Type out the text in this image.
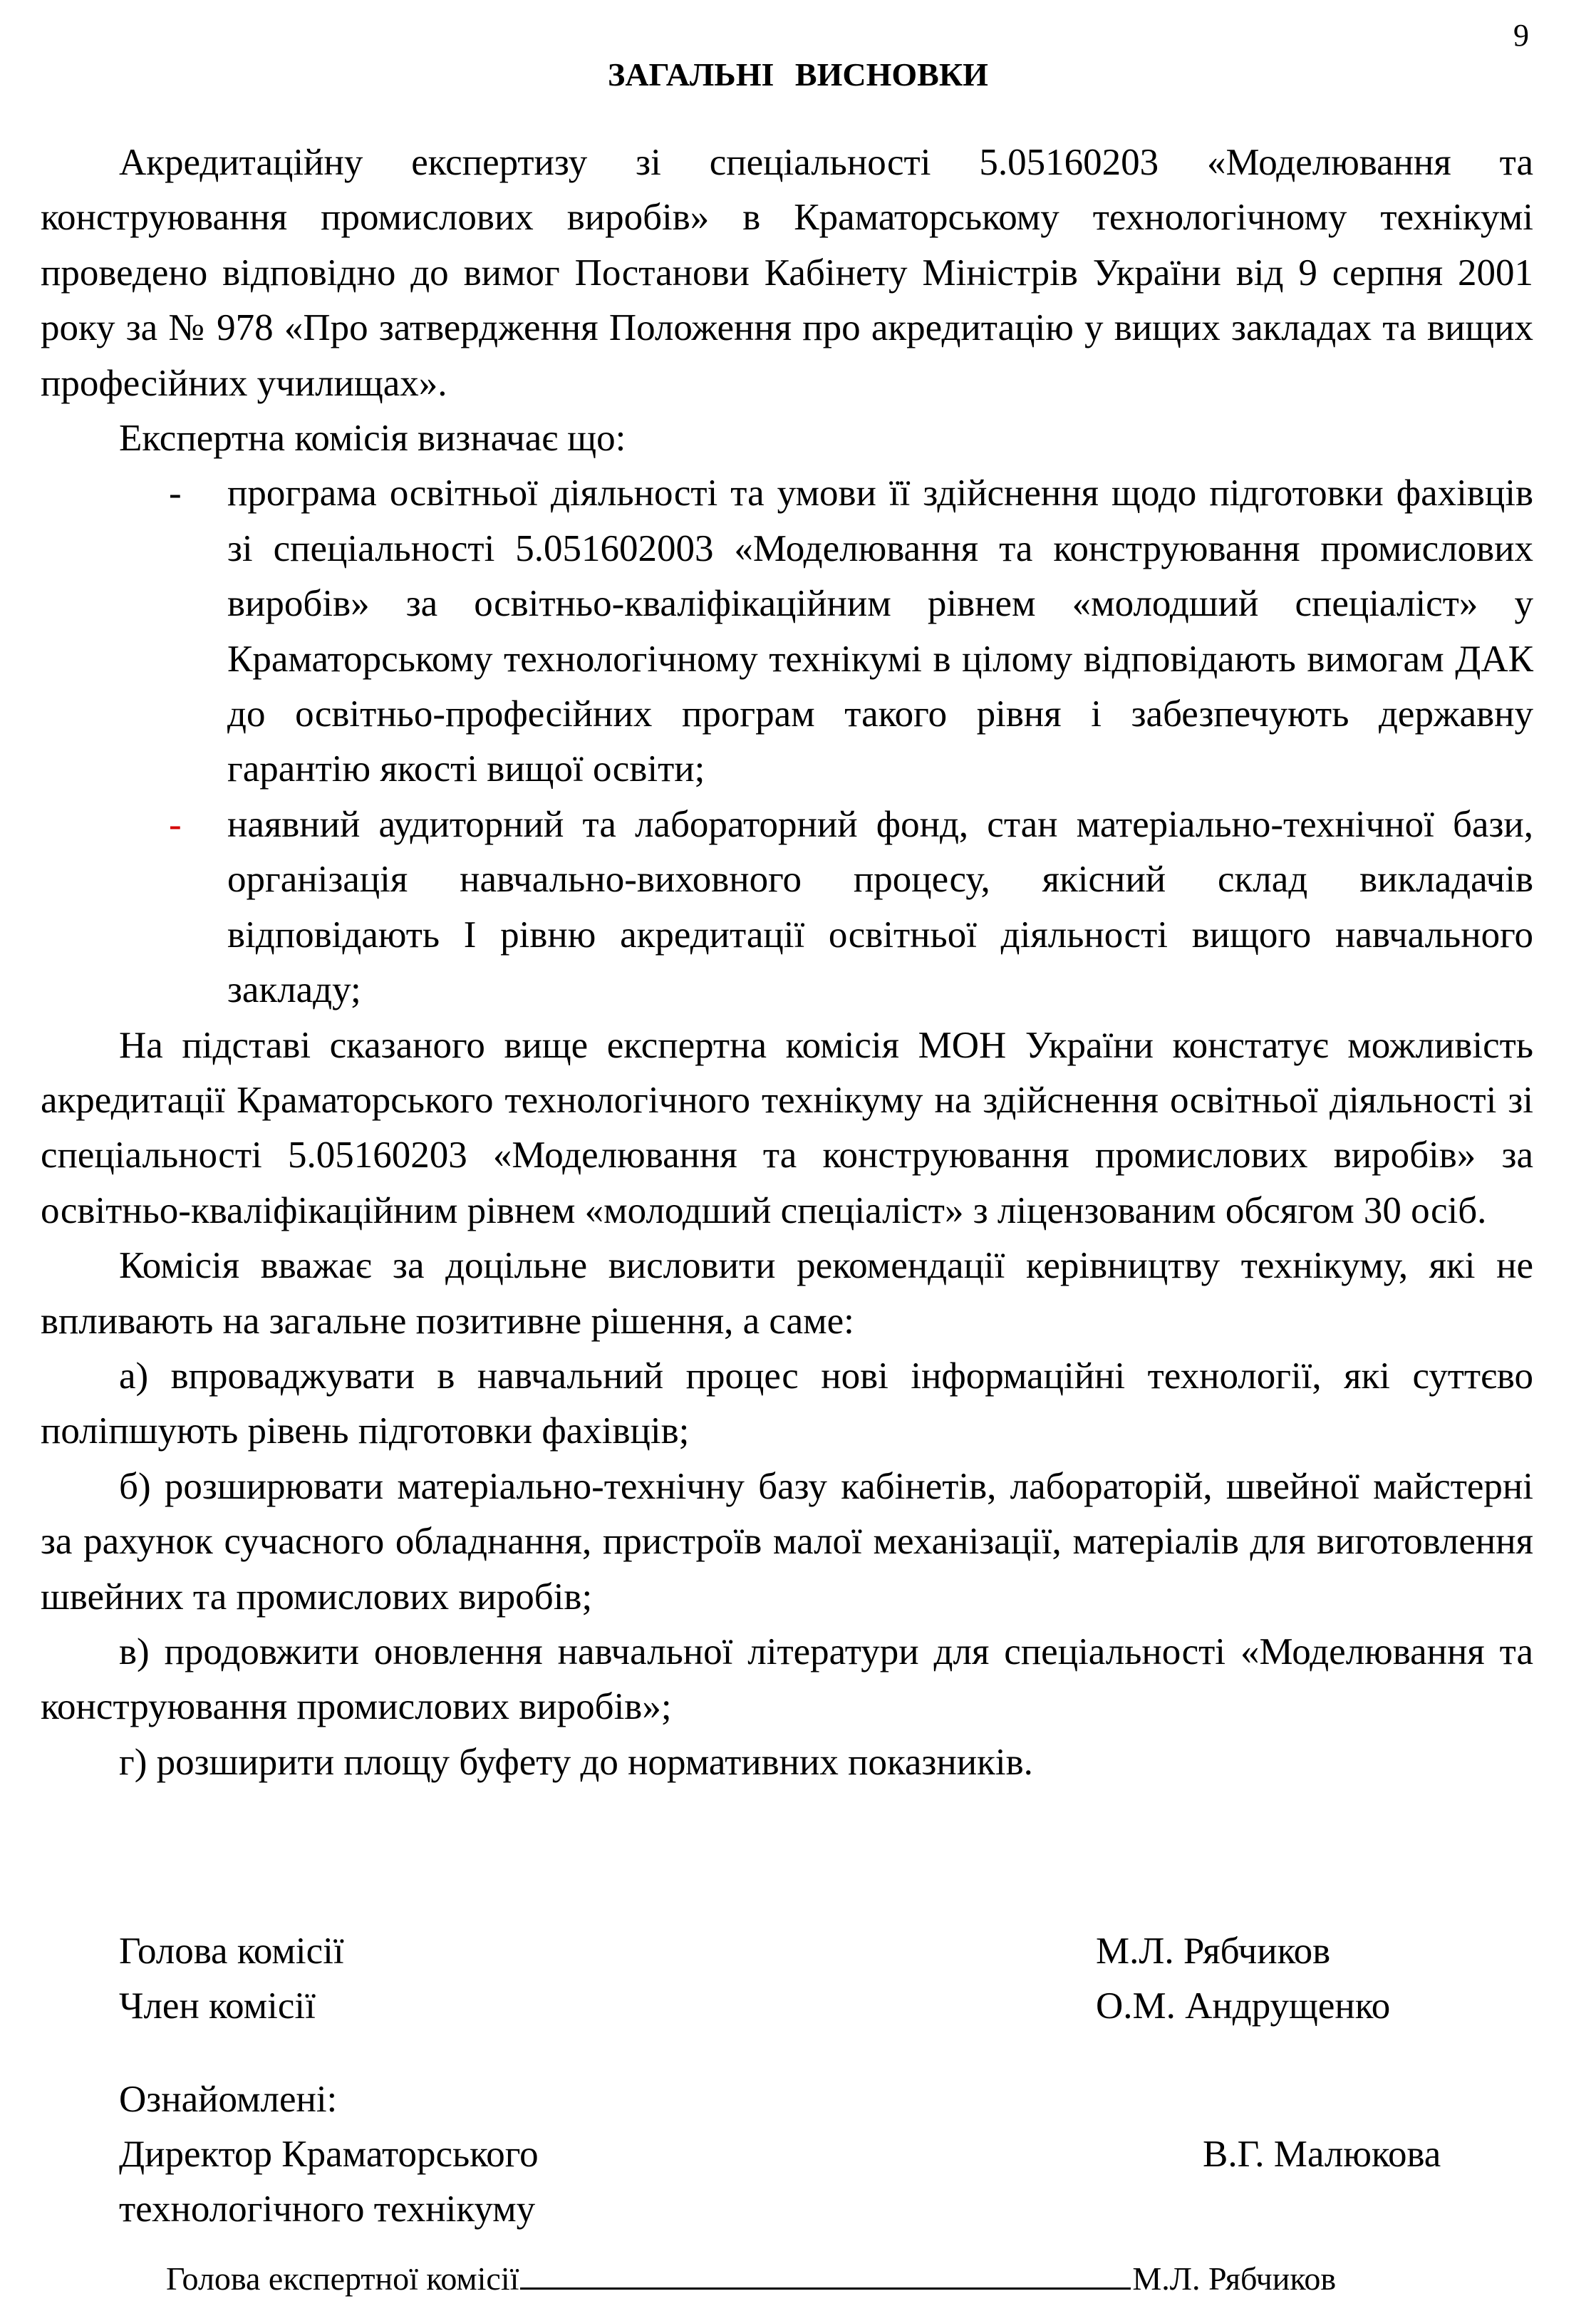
9
ЗАГАЛЬНІ ВИСНОВКИ

Акредитаційну експертизу зі спеціальності 5.05160203 «Моделювання та конструювання промислових виробів» в Краматорському технологічному технікумі проведено відповідно до вимог Постанови Кабінету Міністрів України від 9 серпня 2001 року за № 978 «Про затвердження Положення про акредитацію у вищих закладах та вищих професійних училищах».

Експертна комісія визначає що:

- програма освітньої діяльності та умови її здійснення щодо підготовки фахівців зі спеціальності 5.051602003 «Моделювання та конструювання промислових виробів» за освітньо-кваліфікаційним рівнем «молодший спеціаліст» у Краматорському технологічному технікумі в цілому відповідають вимогам ДАК до освітньо-професійних програм такого рівня і забезпечують державну гарантію якості вищої освіти;
- наявний аудиторний та лабораторний фонд, стан матеріально-технічної бази, організація навчально-виховного процесу, якісний склад викладачів відповідають І рівню акредитації освітньої діяльності вищого навчального закладу;

На підставі сказаного вище експертна комісія МОН України констатує можливість акредитації Краматорського технологічного технікуму на здійснення освітньої діяльності зі спеціальності 5.05160203 «Моделювання та конструювання промислових виробів» за освітньо-кваліфікаційним рівнем «молодший спеціаліст» з ліцензованим обсягом 30 осіб.

Комісія вважає за доцільне висловити рекомендації керівництву технікуму, які не впливають на загальне позитивне рішення, а саме:

а) впроваджувати в навчальний процес нові інформаційні технології, які суттєво поліпшують рівень підготовки фахівців;

б) розширювати матеріально-технічну базу кабінетів, лабораторій, швейної майстерні за рахунок сучасного обладнання, пристроїв малої механізації, матеріалів для виготовлення швейних та промислових виробів;

в) продовжити оновлення навчальної літератури для спеціальності «Моделювання та конструювання промислових виробів»;

г) розширити площу буфету до нормативних показників.

Голова комісії	М.Л. Рябчиков
Член комісії	О.М. Андрущенко
Ознайомлені:
Директор Краматорського	В.Г. Малюкова
технологічного технікуму
Голова експертної комісії	М.Л. Рябчиков
